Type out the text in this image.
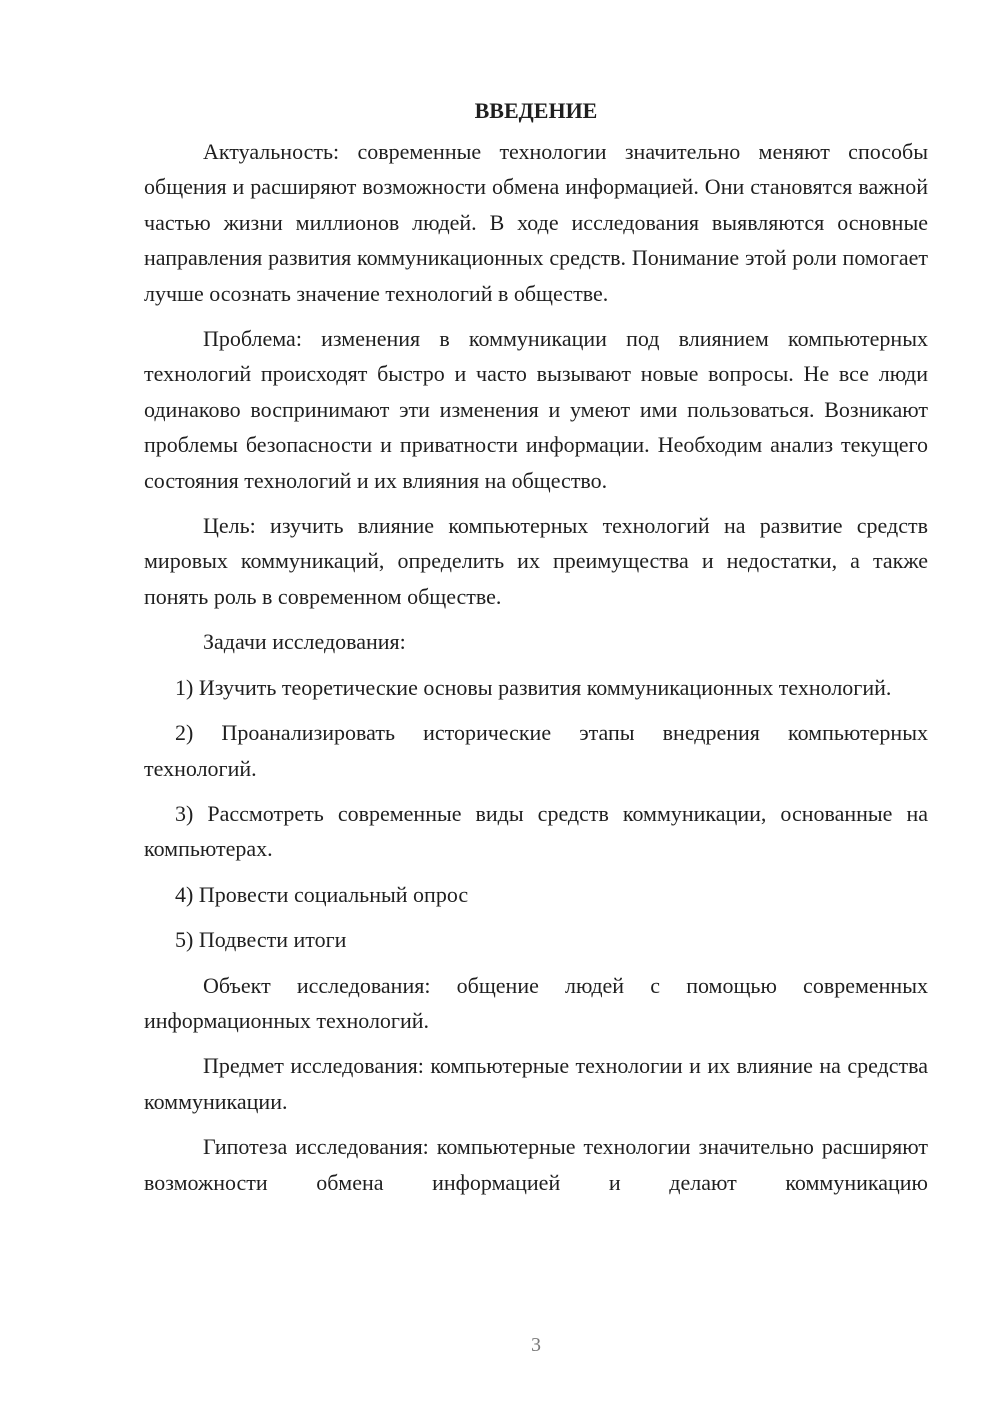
ВВЕДЕНИЕ

Актуальность: современные технологии значительно меняют способы общения и расширяют возможности обмена информацией. Они становятся важной частью жизни миллионов людей. В ходе исследования выявляются основные направления развития коммуникационных средств. Понимание этой роли помогает лучше осознать значение технологий в обществе.

Проблема: изменения в коммуникации под влиянием компьютерных технологий происходят быстро и часто вызывают новые вопросы. Не все люди одинаково воспринимают эти изменения и умеют ими пользоваться. Возникают проблемы безопасности и приватности информации. Необходим анализ текущего состояния технологий и их влияния на общество.

Цель: изучить влияние компьютерных технологий на развитие средств мировых коммуникаций, определить их преимущества и недостатки, а также понять роль в современном обществе.

Задачи исследования:

1) Изучить теоретические основы развития коммуникационных технологий.

2) Проанализировать исторические этапы внедрения компьютерных технологий.

3) Рассмотреть современные виды средств коммуникации, основанные на компьютерах.

4) Провести социальный опрос

5) Подвести итоги

Объект исследования: общение людей с помощью современных информационных технологий.

Предмет исследования: компьютерные технологии и их влияние на средства коммуникации.

Гипотеза исследования: компьютерные технологии значительно расширяют возможности обмена информацией и делают коммуникацию

3
